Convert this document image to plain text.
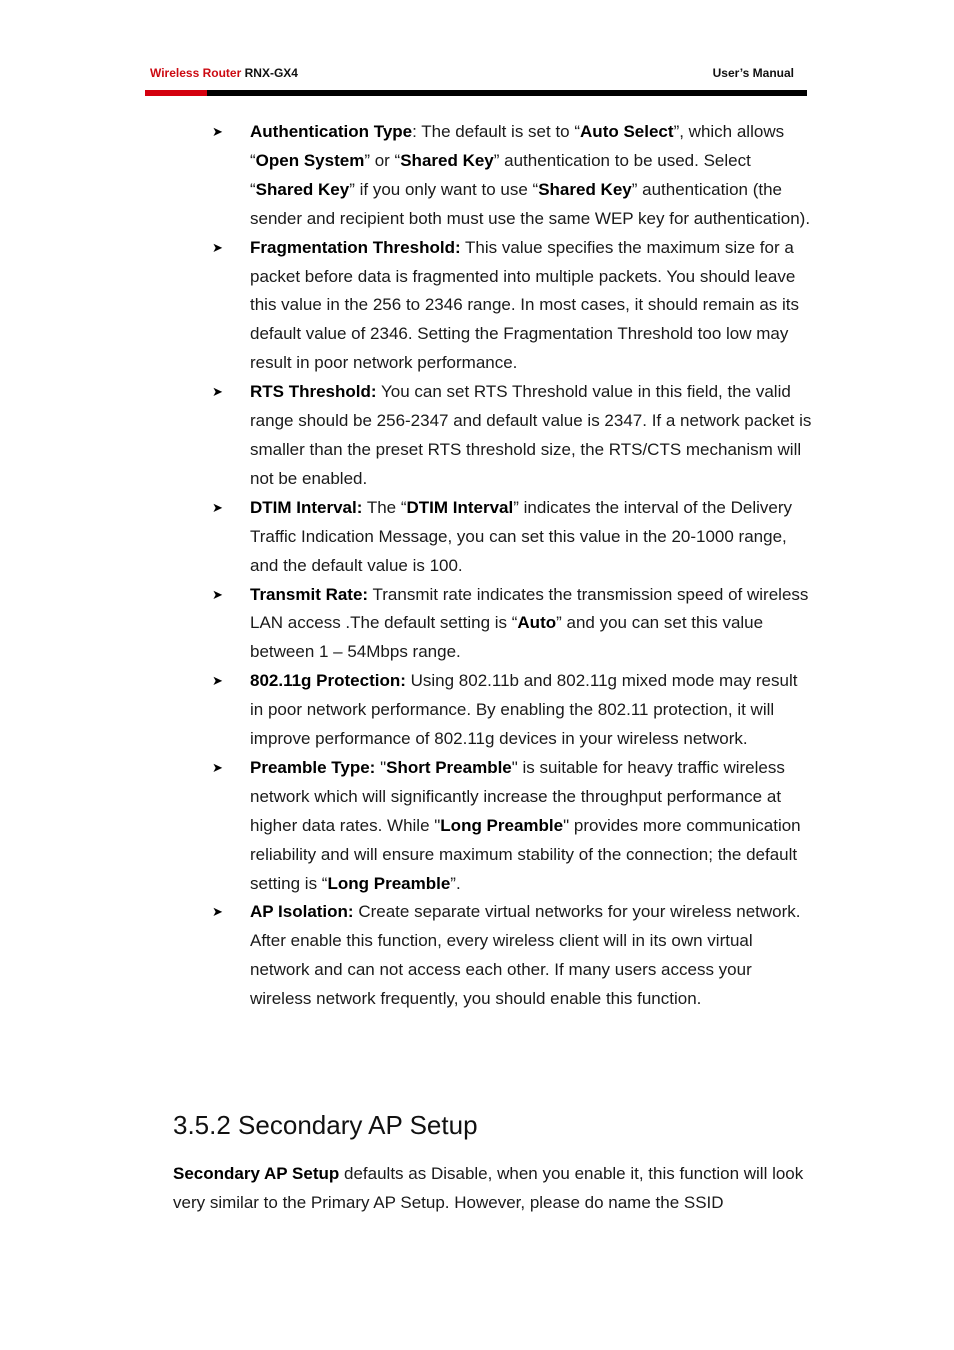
Wireless Router RNX-GX4	User’s Manual
➤ Authentication Type: The default is set to “Auto Select”, which allows “Open System” or “Shared Key” authentication to be used. Select “Shared Key” if you only want to use “Shared Key” authentication (the sender and recipient both must use the same WEP key for authentication).
➤ Fragmentation Threshold: This value specifies the maximum size for a packet before data is fragmented into multiple packets. You should leave this value in the 256 to 2346 range. In most cases, it should remain as its default value of 2346. Setting the Fragmentation Threshold too low may result in poor network performance.
➤ RTS Threshold: You can set RTS Threshold value in this field, the valid range should be 256-2347 and default value is 2347. If a network packet is smaller than the preset RTS threshold size, the RTS/CTS mechanism will not be enabled.
➤ DTIM Interval: The “DTIM Interval” indicates the interval of the Delivery Traffic Indication Message, you can set this value in the 20-1000 range, and the default value is 100.
➤ Transmit Rate: Transmit rate indicates the transmission speed of wireless LAN access .The default setting is “Auto” and you can set this value between 1 – 54Mbps range.
➤ 802.11g Protection: Using 802.11b and 802.11g mixed mode may result in poor network performance. By enabling the 802.11 protection, it will improve performance of 802.11g devices in your wireless network.
➤ Preamble Type: "Short Preamble" is suitable for heavy traffic wireless network which will significantly increase the throughput performance at higher data rates. While "Long Preamble" provides more communication reliability and will ensure maximum stability of the connection; the default setting is “Long Preamble”.
➤ AP Isolation: Create separate virtual networks for your wireless network. After enable this function, every wireless client will in its own virtual network and can not access each other. If many users access your wireless network frequently, you should enable this function.
3.5.2 Secondary AP Setup

Secondary AP Setup defaults as Disable, when you enable it, this function will look very similar to the Primary AP Setup. However, please do name the SSID
